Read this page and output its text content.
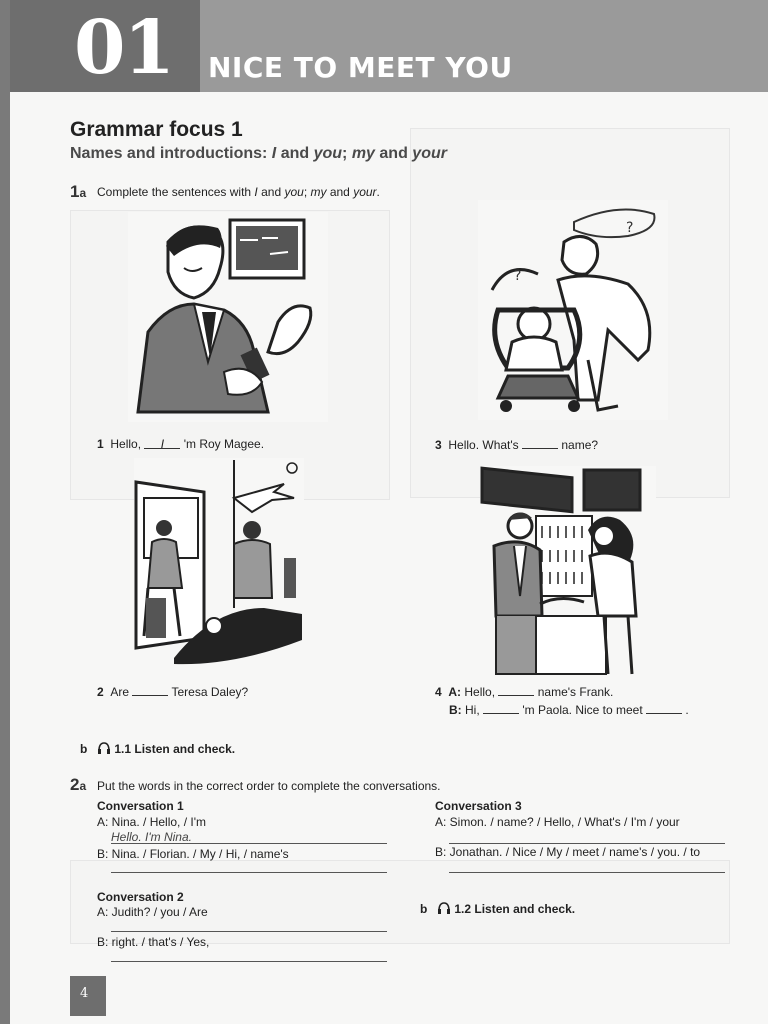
01 NICE TO MEET YOU
Grammar focus 1
Names and introductions: I and you; my and your
1a Complete the sentences with I and you; my and your.
1 Hello, I 'm Roy Magee.
?
?
3 Hello. What's	name?
2 Are	Teresa Daley?	4 A: Hello,	name's Frank.
B: Hi,	'm Paola. Nice to meet	.
b 1.1 Listen and check.
2a Put the words in the correct order to complete the conversations.
Conversation 1
A: Nina. / Hello, / I'm
Hello. I'm Nina.
B: Nina. / Florian. / My / Hi, / name's
Conversation 2
A: Judith? / you / Are
B: right. / that's / Yes,
Conversation 3
A: Simon. / name? / Hello, / What's / I'm / your
B: Jonathan. / Nice / My / meet / name's / you. / to
b 1.2 Listen and check.
4
